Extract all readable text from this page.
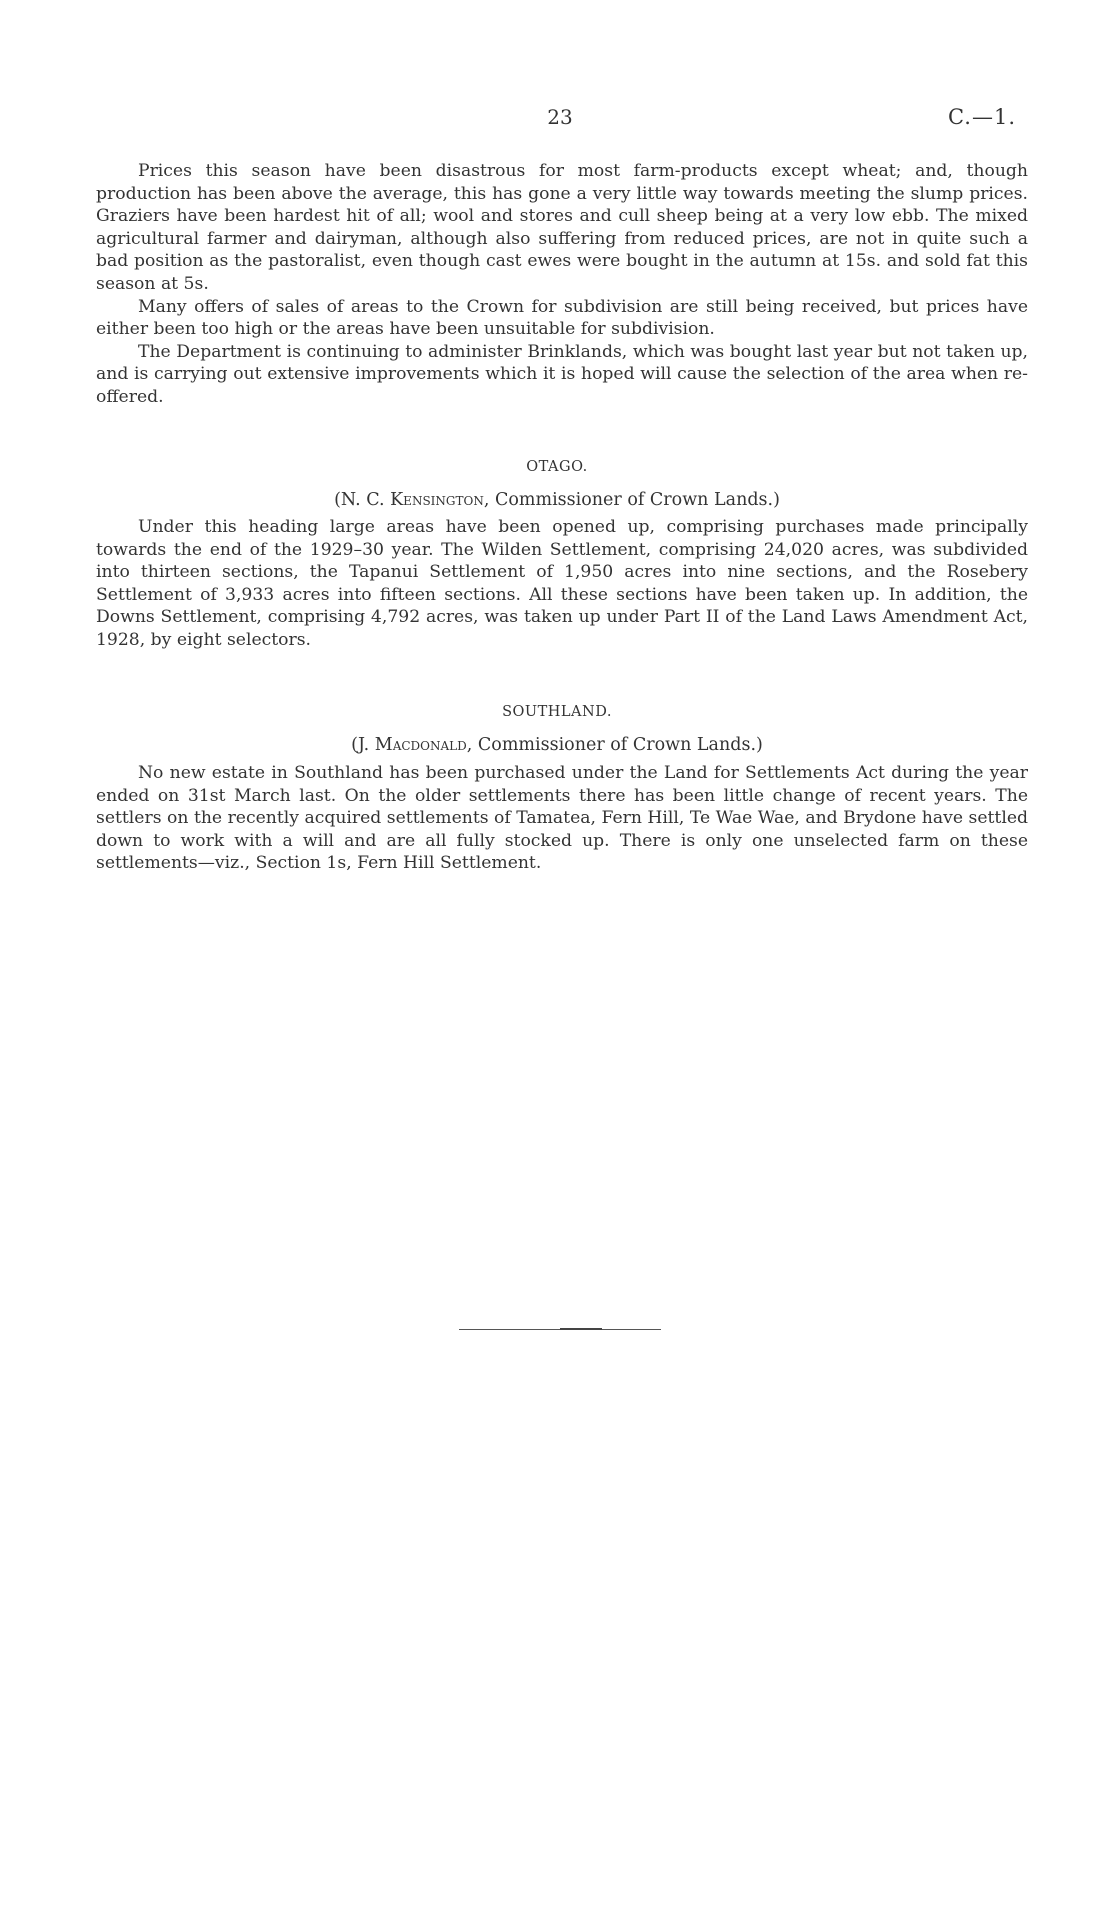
23	C.—1.

Prices this season have been disastrous for most farm-products except wheat; and, though production has been above the average, this has gone a very little way towards meeting the slump prices. Graziers have been hardest hit of all; wool and stores and cull sheep being at a very low ebb. The mixed agricultural farmer and dairyman, although also suffering from reduced prices, are not in quite such a bad position as the pastoralist, even though cast ewes were bought in the autumn at 15s. and sold fat this season at 5s.

Many offers of sales of areas to the Crown for subdivision are still being received, but prices have either been too high or the areas have been unsuitable for subdivision.

The Department is continuing to administer Brinklands, which was bought last year but not taken up, and is carrying out extensive improvements which it is hoped will cause the selection of the area when re-offered.

OTAGO.
(N. C. Kensington, Commissioner of Crown Lands.)

Under this heading large areas have been opened up, comprising purchases made principally towards the end of the 1929–30 year. The Wilden Settlement, comprising 24,020 acres, was subdivided into thirteen sections, the Tapanui Settlement of 1,950 acres into nine sections, and the Rosebery Settlement of 3,933 acres into fifteen sections. All these sections have been taken up. In addition, the Downs Settlement, comprising 4,792 acres, was taken up under Part II of the Land Laws Amendment Act, 1928, by eight selectors.

SOUTHLAND.
(J. Macdonald, Commissioner of Crown Lands.)

No new estate in Southland has been purchased under the Land for Settlements Act during the year ended on 31st March last. On the older settlements there has been little change of recent years. The settlers on the recently acquired settlements of Tamatea, Fern Hill, Te Wae Wae, and Brydone have settled down to work with a will and are all fully stocked up. There is only one unselected farm on these settlements—viz., Section 1s, Fern Hill Settlement.
